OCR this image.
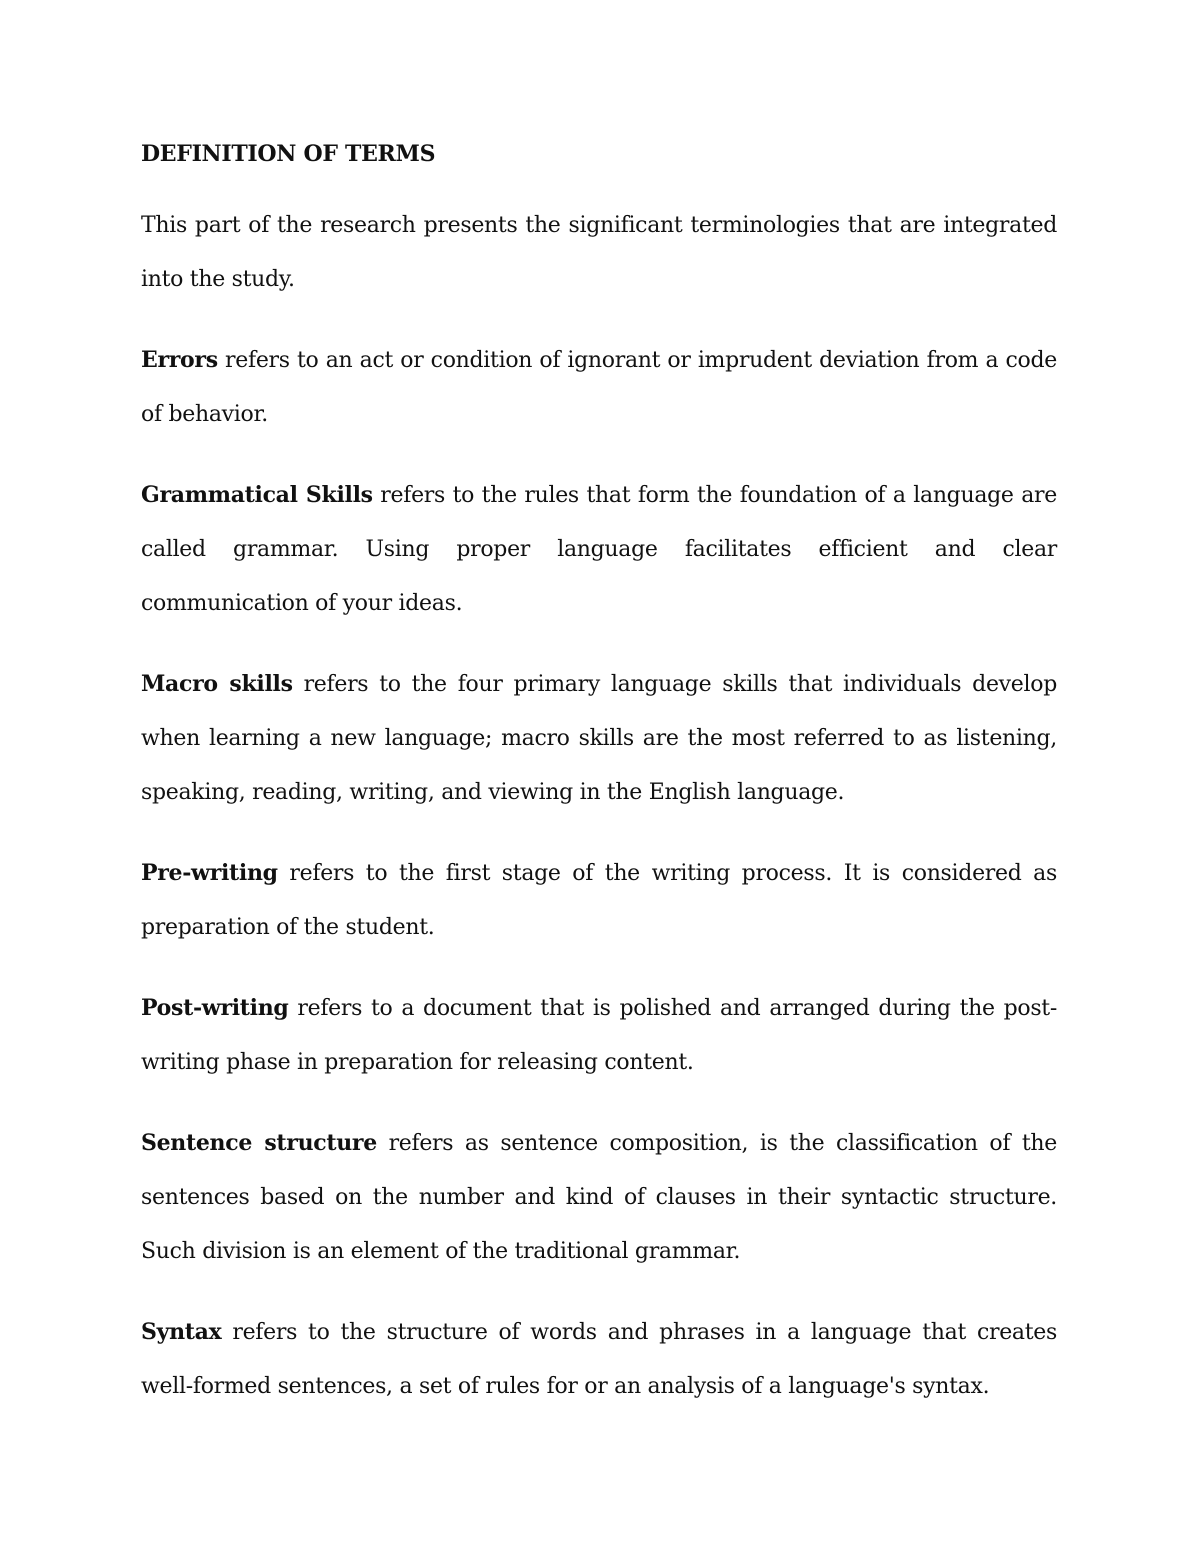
DEFINITION OF TERMS

This part of the research presents the significant terminologies that are integrated into the study.

Errors refers to an act or condition of ignorant or imprudent deviation from a code of behavior.

Grammatical Skills refers to the rules that form the foundation of a language are called grammar. Using proper language facilitates efficient and clear communication of your ideas.

Macro skills refers to the four primary language skills that individuals develop when learning a new language; macro skills are the most referred to as listening, speaking, reading, writing, and viewing in the English language.

Pre-writing refers to the first stage of the writing process. It is considered as preparation of the student.

Post-writing refers to a document that is polished and arranged during the post-writing phase in preparation for releasing content.

Sentence structure refers as sentence composition, is the classification of the sentences based on the number and kind of clauses in their syntactic structure. Such division is an element of the traditional grammar.

Syntax refers to the structure of words and phrases in a language that creates well-formed sentences, a set of rules for or an analysis of a language's syntax.
